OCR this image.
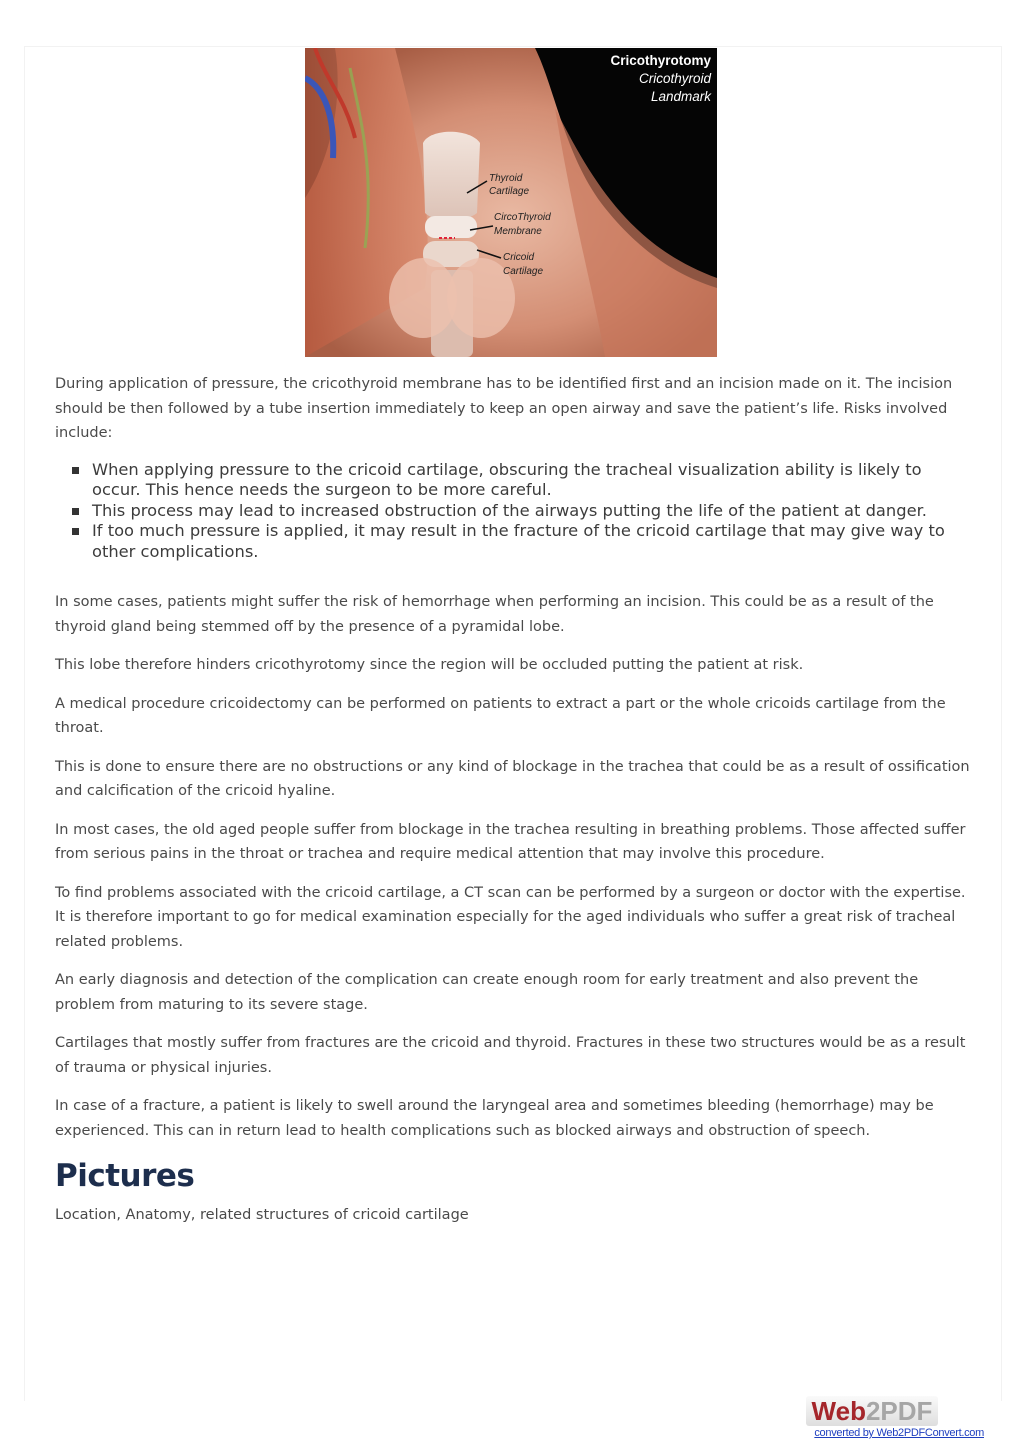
Cricothyrotomy
Cricothyroid
Landmark
Thyroid
Cartilage
CircoThyroid
Membrane
Cricoid
Cartilage

During application of pressure, the cricothyroid membrane has to be identified first and an incision made on it. The incision should be then followed by a tube insertion immediately to keep an open airway and save the patient’s life. Risks involved include:

When applying pressure to the cricoid cartilage, obscuring the tracheal visualization ability is likely to occur. This hence needs the surgeon to be more careful.
This process may lead to increased obstruction of the airways putting the life of the patient at danger.
If too much pressure is applied, it may result in the fracture of the cricoid cartilage that may give way to other complications.

In some cases, patients might suffer the risk of hemorrhage when performing an incision. This could be as a result of the thyroid gland being stemmed off by the presence of a pyramidal lobe.

This lobe therefore hinders cricothyrotomy since the region will be occluded putting the patient at risk.

A medical procedure cricoidectomy can be performed on patients to extract a part or the whole cricoids cartilage from the throat.

This is done to ensure there are no obstructions or any kind of blockage in the trachea that could be as a result of ossification and calcification of the cricoid hyaline.

In most cases, the old aged people suffer from blockage in the trachea resulting in breathing problems. Those affected suffer from serious pains in the throat or trachea and require medical attention that may involve this procedure.

To find problems associated with the cricoid cartilage, a CT scan can be performed by a surgeon or doctor with the expertise. It is therefore important to go for medical examination especially for the aged individuals who suffer a great risk of tracheal related problems.

An early diagnosis and detection of the complication can create enough room for early treatment and also prevent the problem from maturing to its severe stage.

Cartilages that mostly suffer from fractures are the cricoid and thyroid. Fractures in these two structures would be as a result of trauma or physical injuries.

In case of a fracture, a patient is likely to swell around the laryngeal area and sometimes bleeding (hemorrhage) may be experienced. This can in return lead to health complications such as blocked airways and obstruction of speech.

Pictures

Location, Anatomy, related structures of cricoid cartilage

Web2PDF
converted by Web2PDFConvert.com
